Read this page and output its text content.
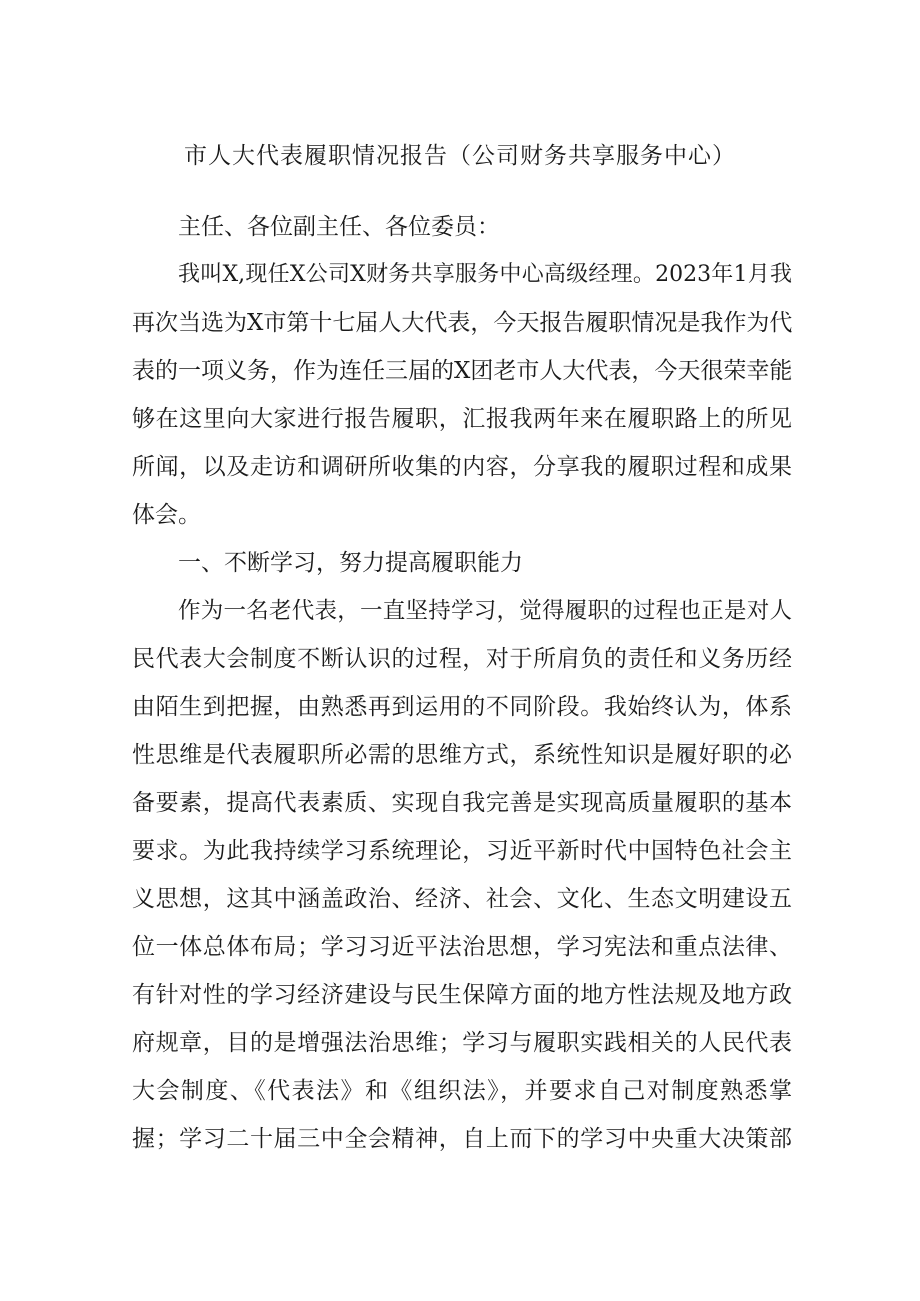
市人大代表履职情况报告（公司财务共享服务中心）
主任、各位副主任、各位委员：
我叫X,现任X公司X财务共享服务中心高级经理。2023年1月我
再次当选为X市第十七届人大代表，今天报告履职情况是我作为代
表的一项义务，作为连任三届的X团老市人大代表，今天很荣幸能
够在这里向大家进行报告履职，汇报我两年来在履职路上的所见
所闻，以及走访和调研所收集的内容，分享我的履职过程和成果
体会。
一、不断学习，努力提高履职能力
作为一名老代表，一直坚持学习，觉得履职的过程也正是对人
民代表大会制度不断认识的过程，对于所肩负的责任和义务历经
由陌生到把握，由熟悉再到运用的不同阶段。我始终认为，体系
性思维是代表履职所必需的思维方式，系统性知识是履好职的必
备要素，提高代表素质、实现自我完善是实现高质量履职的基本
要求。为此我持续学习系统理论，习近平新时代中国特色社会主
义思想，这其中涵盖政治、经济、社会、文化、生态文明建设五
位一体总体布局；学习习近平法治思想，学习宪法和重点法律、
有针对性的学习经济建设与民生保障方面的地方性法规及地方政
府规章，目的是增强法治思维；学习与履职实践相关的人民代表
大会制度、《代表法》和《组织法》，并要求自己对制度熟悉掌
握；学习二十届三中全会精神，自上而下的学习中央重大决策部
